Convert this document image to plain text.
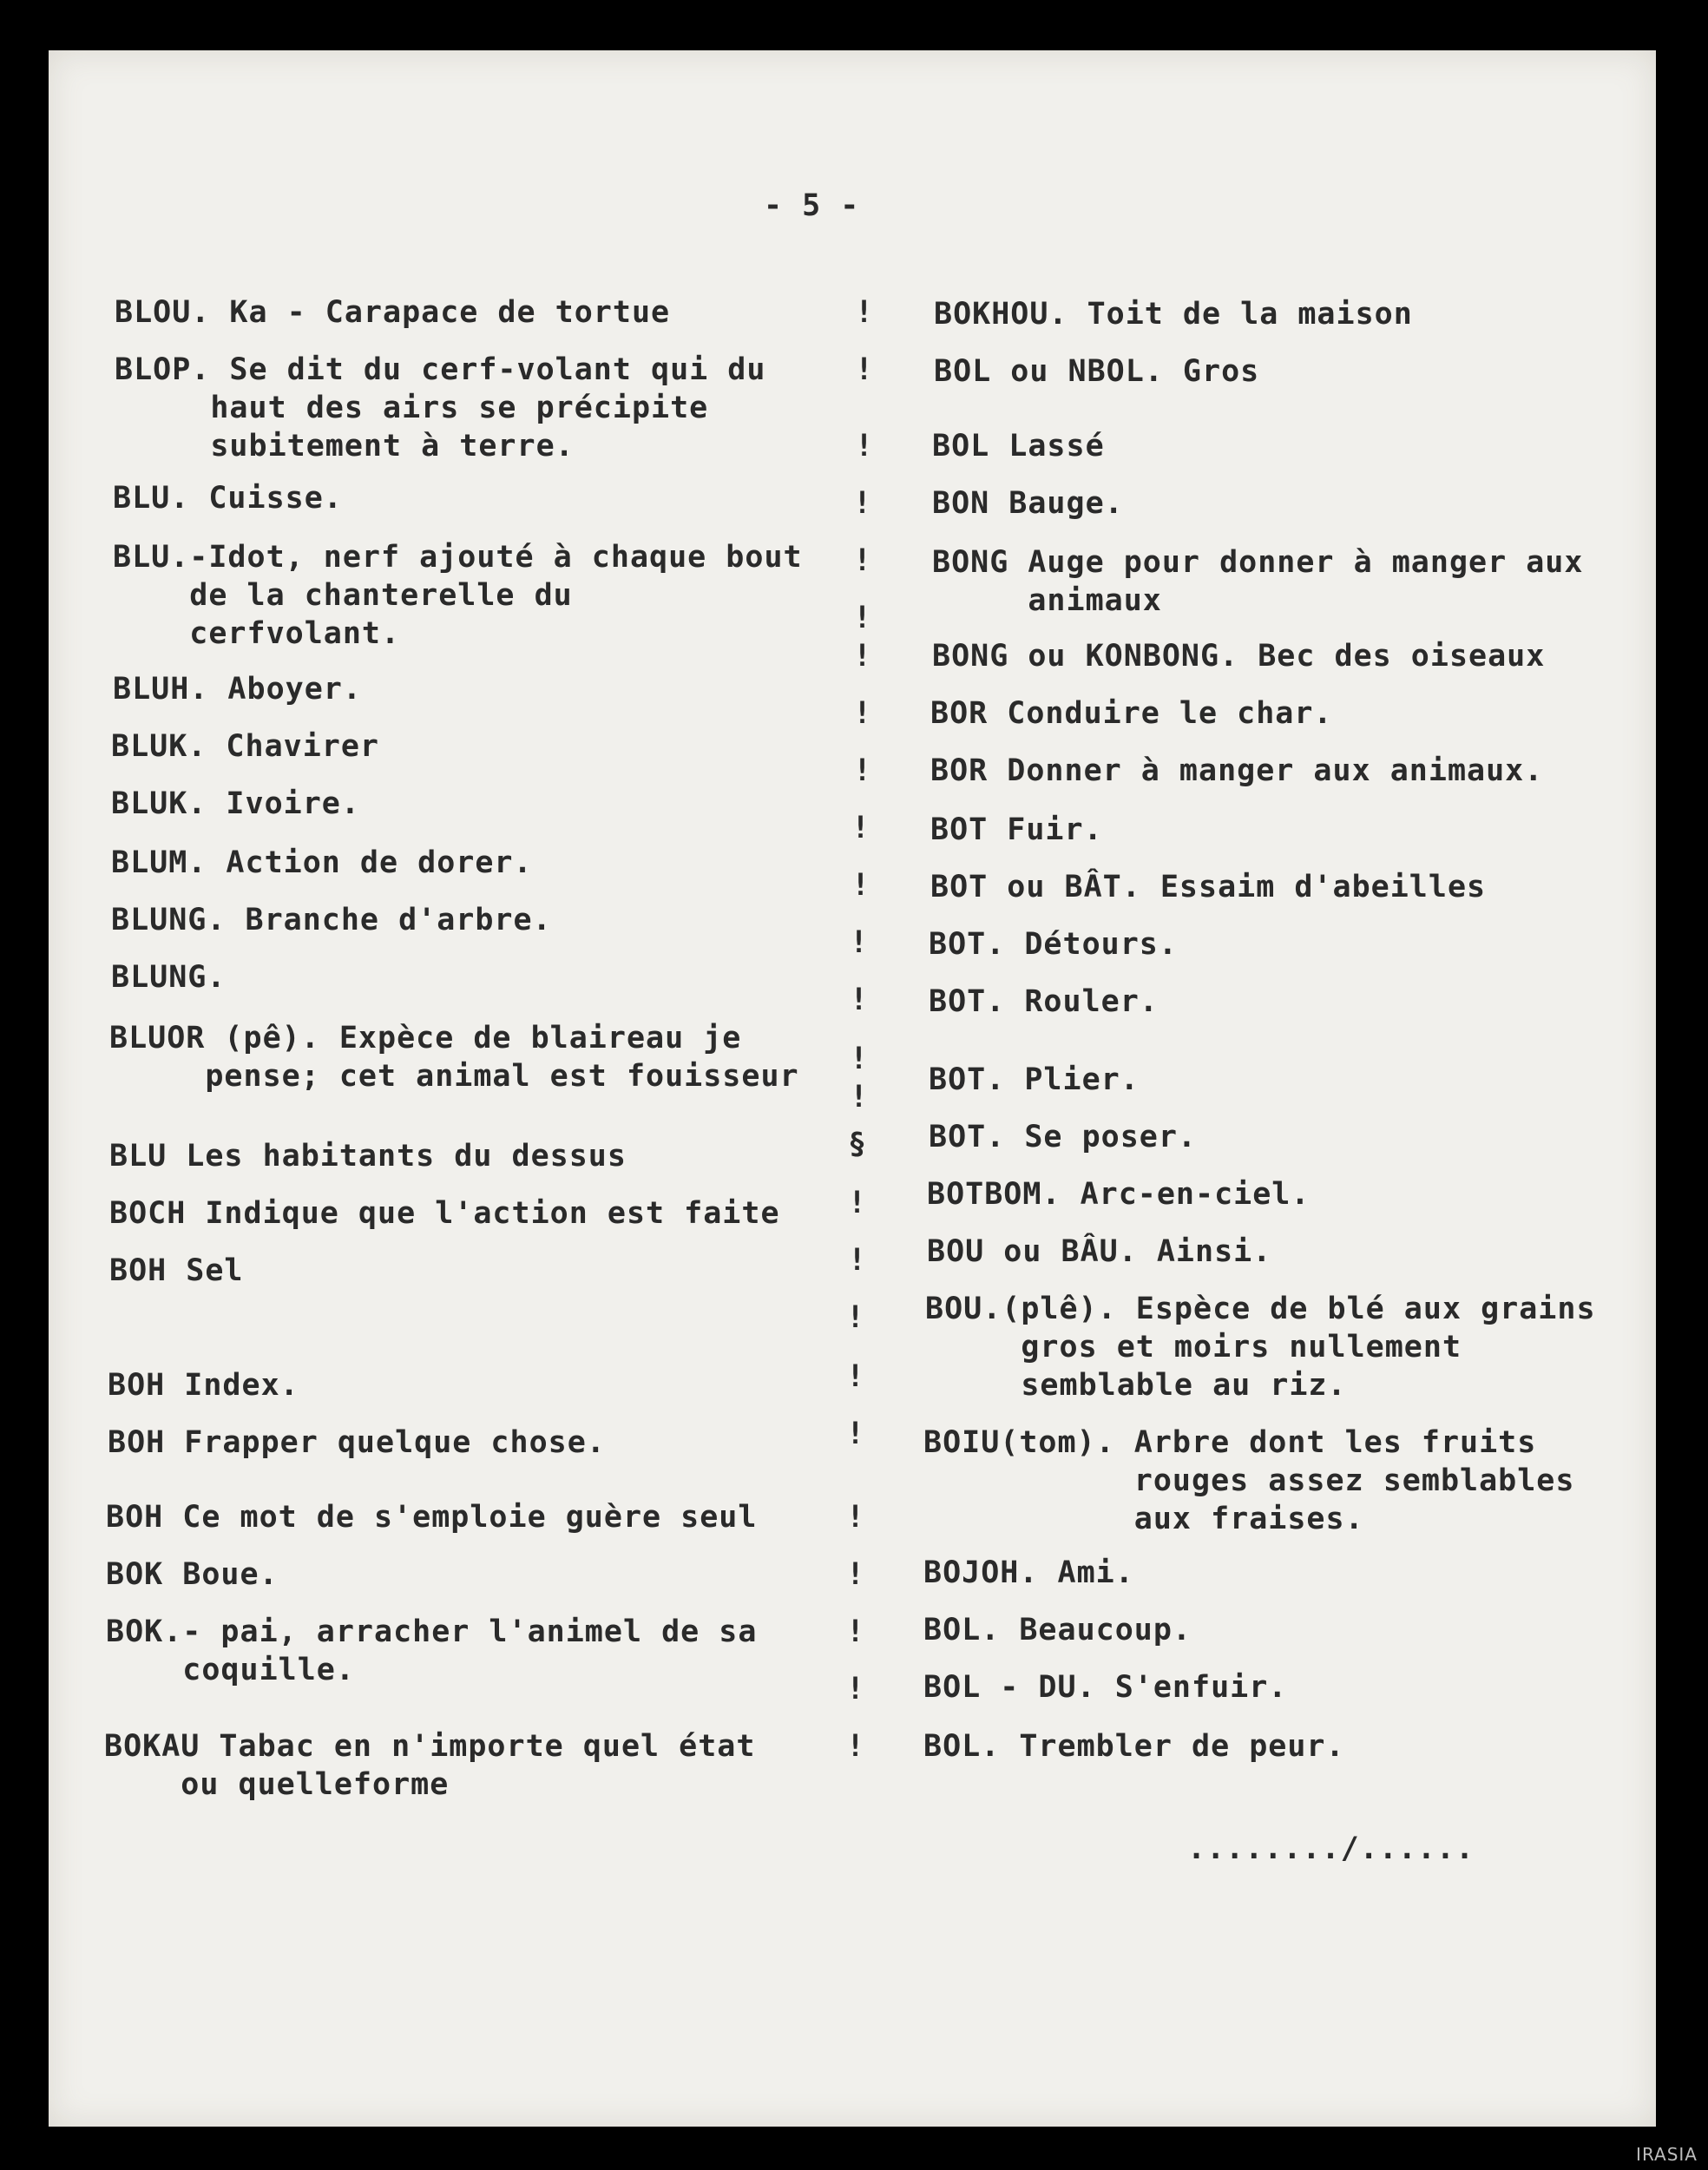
- 5 -
BLOU. Ka - Carapace de tortue
BLOP. Se dit du cerf-volant qui du
haut des airs se précipite
subitement à terre.
BLU. Cuisse.
BLU.-Idot, nerf ajouté à chaque bout
de la chanterelle du
cerfvolant.
BLUH. Aboyer.
BLUK. Chavirer
BLUK. Ivoire.
BLUM. Action de dorer.
BLUNG. Branche d'arbre.
BLUNG.
BLUOR (pê). Expèce de blaireau je
pense; cet animal est fouisseur
BLU Les habitants du dessus
BOCH Indique que l'action est faite
BOH Sel
BOH Index.
BOH Frapper quelque chose.
BOH Ce mot de s'emploie guère seul
BOK Boue.
BOK.- pai, arracher l'animel de sa
coquille.
BOKAU Tabac en n'importe quel état
ou quelleforme
!
!
!
!
!
!
!
!
!
!
!
!
!
!
!
§
!
!
!
!
!
!
!
!
!
!
BOKHOU. Toit de la maison
BOL ou NBOL. Gros
BOL Lassé
BON Bauge.
BONG Auge pour donner à manger aux
animaux
BONG ou KONBONG. Bec des oiseaux
BOR Conduire le char.
BOR Donner à manger aux animaux.
BOT Fuir.
BOT ou BÂT. Essaim d'abeilles
BOT. Détours.
BOT. Rouler.
BOT. Plier.
BOT. Se poser.
BOTBOM. Arc-en-ciel.
BOU ou BÂU. Ainsi.
BOU.(plê). Espèce de blé aux grains
gros et moirs nullement
semblable au riz.
BOIU(tom). Arbre dont les fruits
rouges assez semblables
aux fraises.
BOJOH. Ami.
BOL. Beaucoup.
BOL - DU. S'enfuir.
BOL. Trembler de peur.
......../......
IRASIA
